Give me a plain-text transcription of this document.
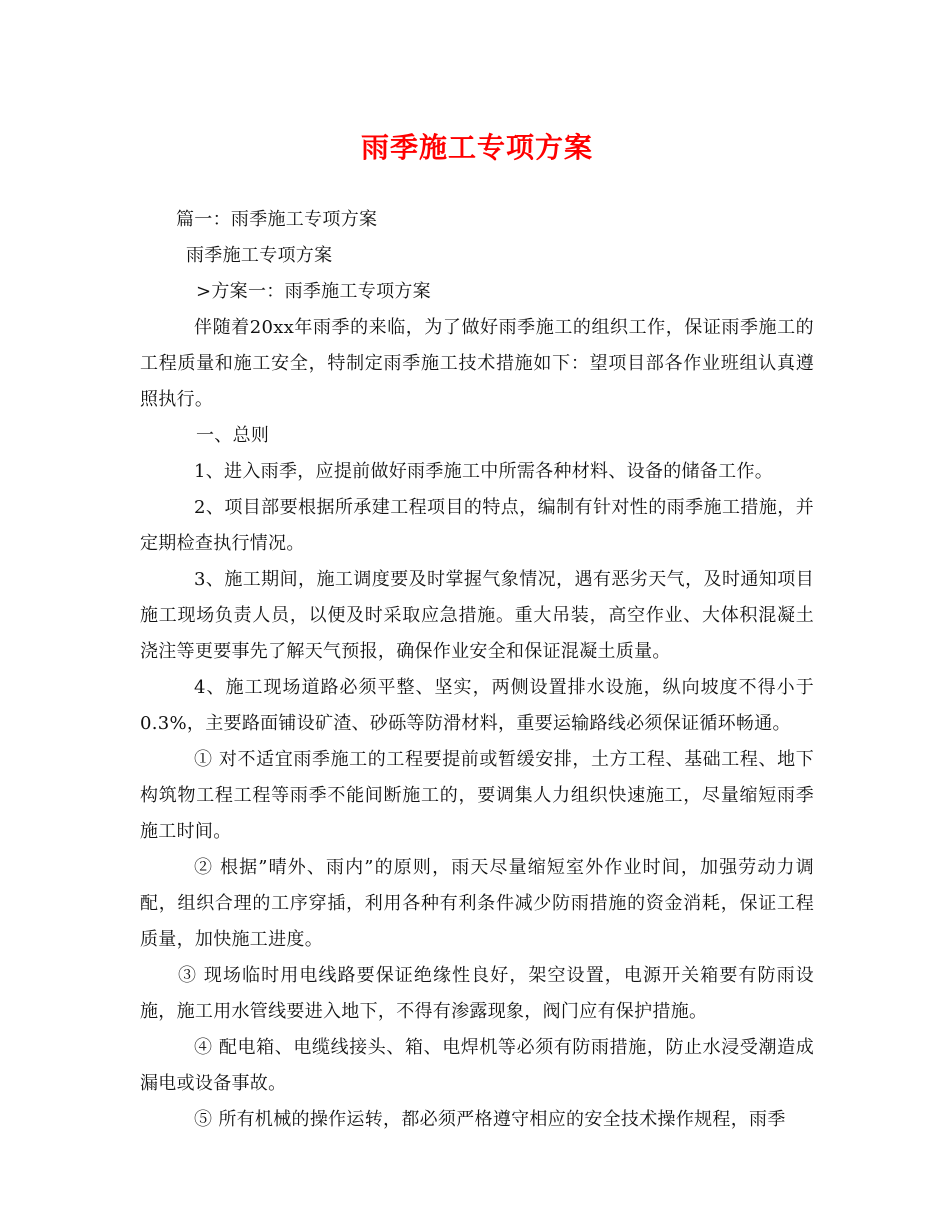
雨季施工专项方案

篇一：雨季施工专项方案

雨季施工专项方案

>方案一：雨季施工专项方案

伴随着20xx年雨季的来临，为了做好雨季施工的组织工作，保证雨季施工的工程质量和施工安全，特制定雨季施工技术措施如下：望项目部各作业班组认真遵照执行。

一、总则

1、进入雨季，应提前做好雨季施工中所需各种材料、设备的储备工作。

2、项目部要根据所承建工程项目的特点，编制有针对性的雨季施工措施，并定期检查执行情况。

3、施工期间，施工调度要及时掌握气象情况，遇有恶劣天气，及时通知项目施工现场负责人员，以便及时采取应急措施。重大吊装，高空作业、大体积混凝土浇注等更要事先了解天气预报，确保作业安全和保证混凝土质量。

4、施工现场道路必须平整、坚实，两侧设置排水设施，纵向坡度不得小于0.3%，主要路面铺设矿渣、砂砾等防滑材料，重要运输路线必须保证循环畅通。

① 对不适宜雨季施工的工程要提前或暂缓安排，土方工程、基础工程、地下构筑物工程工程等雨季不能间断施工的，要调集人力组织快速施工，尽量缩短雨季施工时间。

② 根据”晴外、雨内”的原则，雨天尽量缩短室外作业时间，加强劳动力调配，组织合理的工序穿插，利用各种有利条件减少防雨措施的资金消耗，保证工程质量，加快施工进度。

③ 现场临时用电线路要保证绝缘性良好，架空设置，电源开关箱要有防雨设施，施工用水管线要进入地下，不得有渗露现象，阀门应有保护措施。

④ 配电箱、电缆线接头、箱、电焊机等必须有防雨措施，防止水浸受潮造成漏电或设备事故。

⑤ 所有机械的操作运转，都必须严格遵守相应的安全技术操作规程，雨季
